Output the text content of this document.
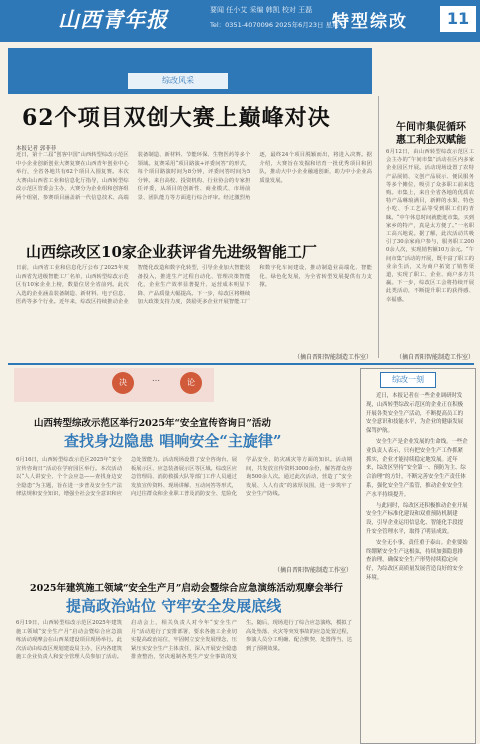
山西青年报	要闻 任小艾 采编 韩凯 校对 王磊
Tel：0351-4070096 2025年6月23日 星期一
特型综改	11
综改风采
62个项目双创大赛上巅峰对决
本报记者 郭菲菲
近日，第十二届“创客中国”山西转型综改示范区中小企业创新创业大赛复赛在山西青年创业中心举行，全省各地共有62个项目入围复赛。本次大赛由山西省工业和信息化厅指导，山西转型综改示范区管委会主办，大赛分为企业组和创客组两个组别，参赛项目涵盖新一代信息技术、高端装备制造、新材料、节能环保、生物医药等多个领域。复赛采用“项目路演+评委问答”的形式，每个项目路演时间为8分钟，评委问答时间为5分钟。来自高校、投资机构、行业协会的专家担任评委，从项目的创新性、商业模式、市场前景、团队能力等方面进行综合评审。经过激烈角逐，最终24个项目脱颖而出，将进入决赛。据介绍，大赛旨在发掘和培育一批优秀项目和团队，推动大中小企业融通创新，助力中小企业高质量发展。
山西综改区10家企业获评省先进级智能工厂
日前，山西省工业和信息化厅公布了2025年度山西省先进级智能工厂名单，山西转型综改示范区有10家企业上榜，数量位居全省前列。此次入选的企业涵盖装备制造、新材料、电子信息、医药等多个行业。近年来，综改区持续推动企业智能化改造和数字化转型，引导企业加大智能装备投入，推进生产过程自动化、管理决策智能化，企业生产效率显著提升、运营成本明显下降、产品质量大幅提高。下一步，综改区将继续加大政策支持力度，鼓励更多企业开展智能工厂和数字化车间建设，推动制造业高端化、智能化、绿色化发展，为全省转型发展提供有力支撑。
（摘自晋阳智能制造工作室）
午间市集促循环
惠工利企双赋能
6月12日，由山西转型综改示范区工会主办的“午间市集”活动在区内多家企业园区开展。活动现场设置了农特产品展销、文创产品展示、便民服务等多个摊位，吸引了众多职工前来选购。市集上，来自全省各地的优质农特产品琳琅满目，新鲜的水果、特色小吃、手工艺品等受到职工们的青睐。“中午休息时间就能逛市集，买到家乡的特产，真是太方便了。”一名职工高兴地说。据了解，此次活动共吸引了30余家商户参与，服务职工2000余人次，实现销售额10万余元。“午间市集”活动的开展，既丰富了职工的业余生活，又为商户拓宽了销售渠道，实现了职工、企业、商户多方共赢。下一步，综改区工会将持续开展此类活动，不断提升职工的获得感、幸福感。
（摘自晋阳智能制造工作室）
决	…	论
山西转型综改示范区举行2025年“安全宣传咨询日”活动
查找身边隐患 唱响安全“主旋律”
6月16日，山西转型综改示范区2025年“安全宣传咨询日”活动在学府园区举行。本次活动以“人人讲安全、个个会应急——查找身边安全隐患”为主题，旨在进一步普及安全生产法律法规和安全知识，增强全社会安全意识和应急处置能力。活动现场设置了安全咨询台、展板展示区、应急装备展示区等区域。综改区应急管理局、消防救援大队等部门工作人员通过发放宣传资料、现场讲解、互动问答等形式，向过往群众和企业职工普及消防安全、危险化学品安全、防灾减灾等方面的知识。活动期间，共发放宣传资料3000余份，解答群众咨询500余人次。通过此次活动，营造了“安全发展、人人有责”的浓厚氛围，进一步筑牢了安全生产防线。
（摘自晋阳智能制造工作室）
2025年建筑施工领域“安全生产月”启动会暨综合应急演练活动观摩会举行
提高政治站位 守牢安全发展底线
6月19日，山西转型综改示范区2025年建筑施工领域“安全生产月”启动会暨综合应急演练活动观摩会在山西某建设项目现场举行。此次活动由综改区规划建设局主办，区内各建筑施工企业负责人和安全管理人员参加了活动。启动会上，相关负责人对今年“安全生产月”活动进行了安排部署，要求各施工企业切实提高政治站位，牢固树立安全发展理念，压紧压实安全生产主体责任，深入开展安全隐患排查整治，坚决遏制各类生产安全事故的发生。随后，现场进行了综合应急演练，模拟了高处坠落、火灾等突发事故的应急处置过程，参演人员分工明确、配合默契、处置得当，达到了预期效果。
综改一刻

近日，本报记者在一些企业调研时发现，山西转型综改示范区的企业正在积极开展各类安全生产活动，不断提高员工的安全意识和技能水平，为企业的健康发展保驾护航。

安全生产是企业发展的生命线。一些企业负责人表示，只有把安全生产工作抓紧抓实，企业才能持续稳定地发展。近年来，综改区坚持“安全第一、预防为主、综合治理”的方针，不断完善安全生产责任体系，强化安全生产监管，推动企业安全生产水平持续提升。

与此同时，综改区还积极推动企业开展安全生产标准化建设和双重预防机制建设，引导企业运用信息化、智能化手段提升安全管理水平，取得了明显成效。

安全无小事，责任重于泰山。企业要始终绷紧安全生产这根弦，持续加强隐患排查治理，确保安全生产形势持续稳定向好，为综改区高质量发展营造良好的安全环境。
